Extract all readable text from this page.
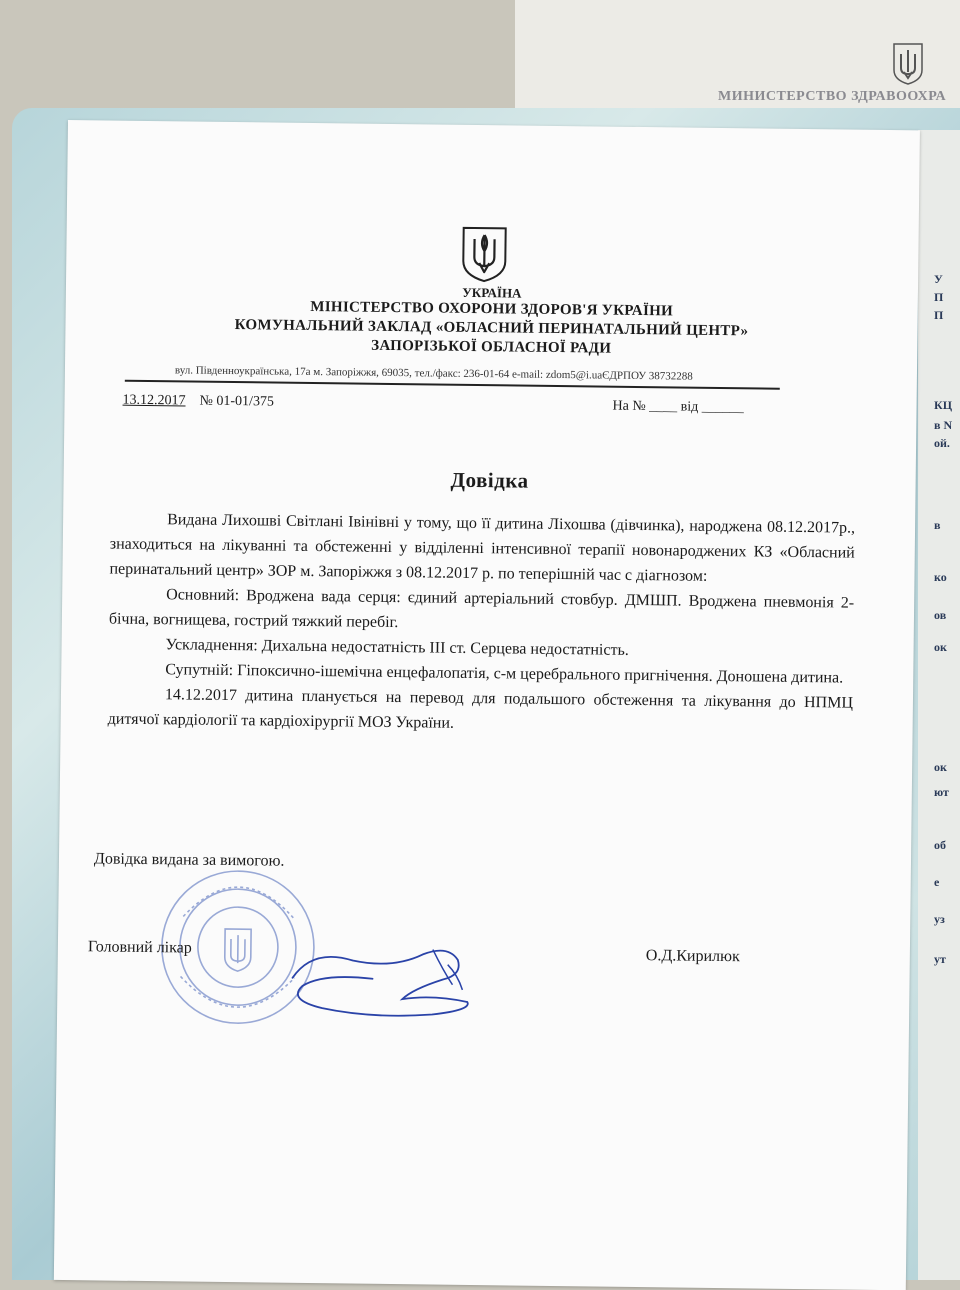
МИНИСТЕРСТВО ЗДРАВООХРА
У
П
П
КЦ
в N
ой.
в
ко
ов
ок
ок
ют
об
е
уз
ут
УКРАЇНА
МІНІСТЕРСТВО ОХОРОНИ ЗДОРОВ'Я УКРАЇНИ
КОМУНАЛЬНИЙ ЗАКЛАД «ОБЛАСНИЙ ПЕРИНАТАЛЬНИЙ ЦЕНТР»
ЗАПОРІЗЬКОЇ ОБЛАСНОЇ РАДИ
вул. Південноукраїнська, 17а м. Запоріжжя, 69035, тел./факс: 236-01-64 e-mail: zdom5@i.uaЄДРПОУ 38732288
13.12.2017 № 01-01/375	На № ____ від ______
Довідка

Видана Лихошві Світлані Івінівні у тому, що її дитина Ліхошва (дівчинка), народжена 08.12.2017р., знаходиться на лікуванні та обстеженні у відділенні інтенсивної терапії новонароджених КЗ «Обласний перинатальний центр» ЗОР м. Запоріжжя з 08.12.2017 р. по теперішній час с діагнозом:

Основний: Вроджена вада серця: єдиний артеріальний стовбур. ДМШП. Вроджена пневмонія 2-бічна, вогнищева, гострий тяжкий перебіг.

Ускладнення: Дихальна недостатність ІІІ ст. Серцева недостатність.

Супутній: Гіпоксично-ішемічна енцефалопатія, с-м церебрального пригнічення. Доношена дитина.

14.12.2017 дитина планується на перевод для подальшого обстеження та лікування до НПМЦ дитячої кардіології та кардіохірургії МОЗ України.

Довідка видана за вимогою.
Головний лікар	О.Д.Кирилюк
